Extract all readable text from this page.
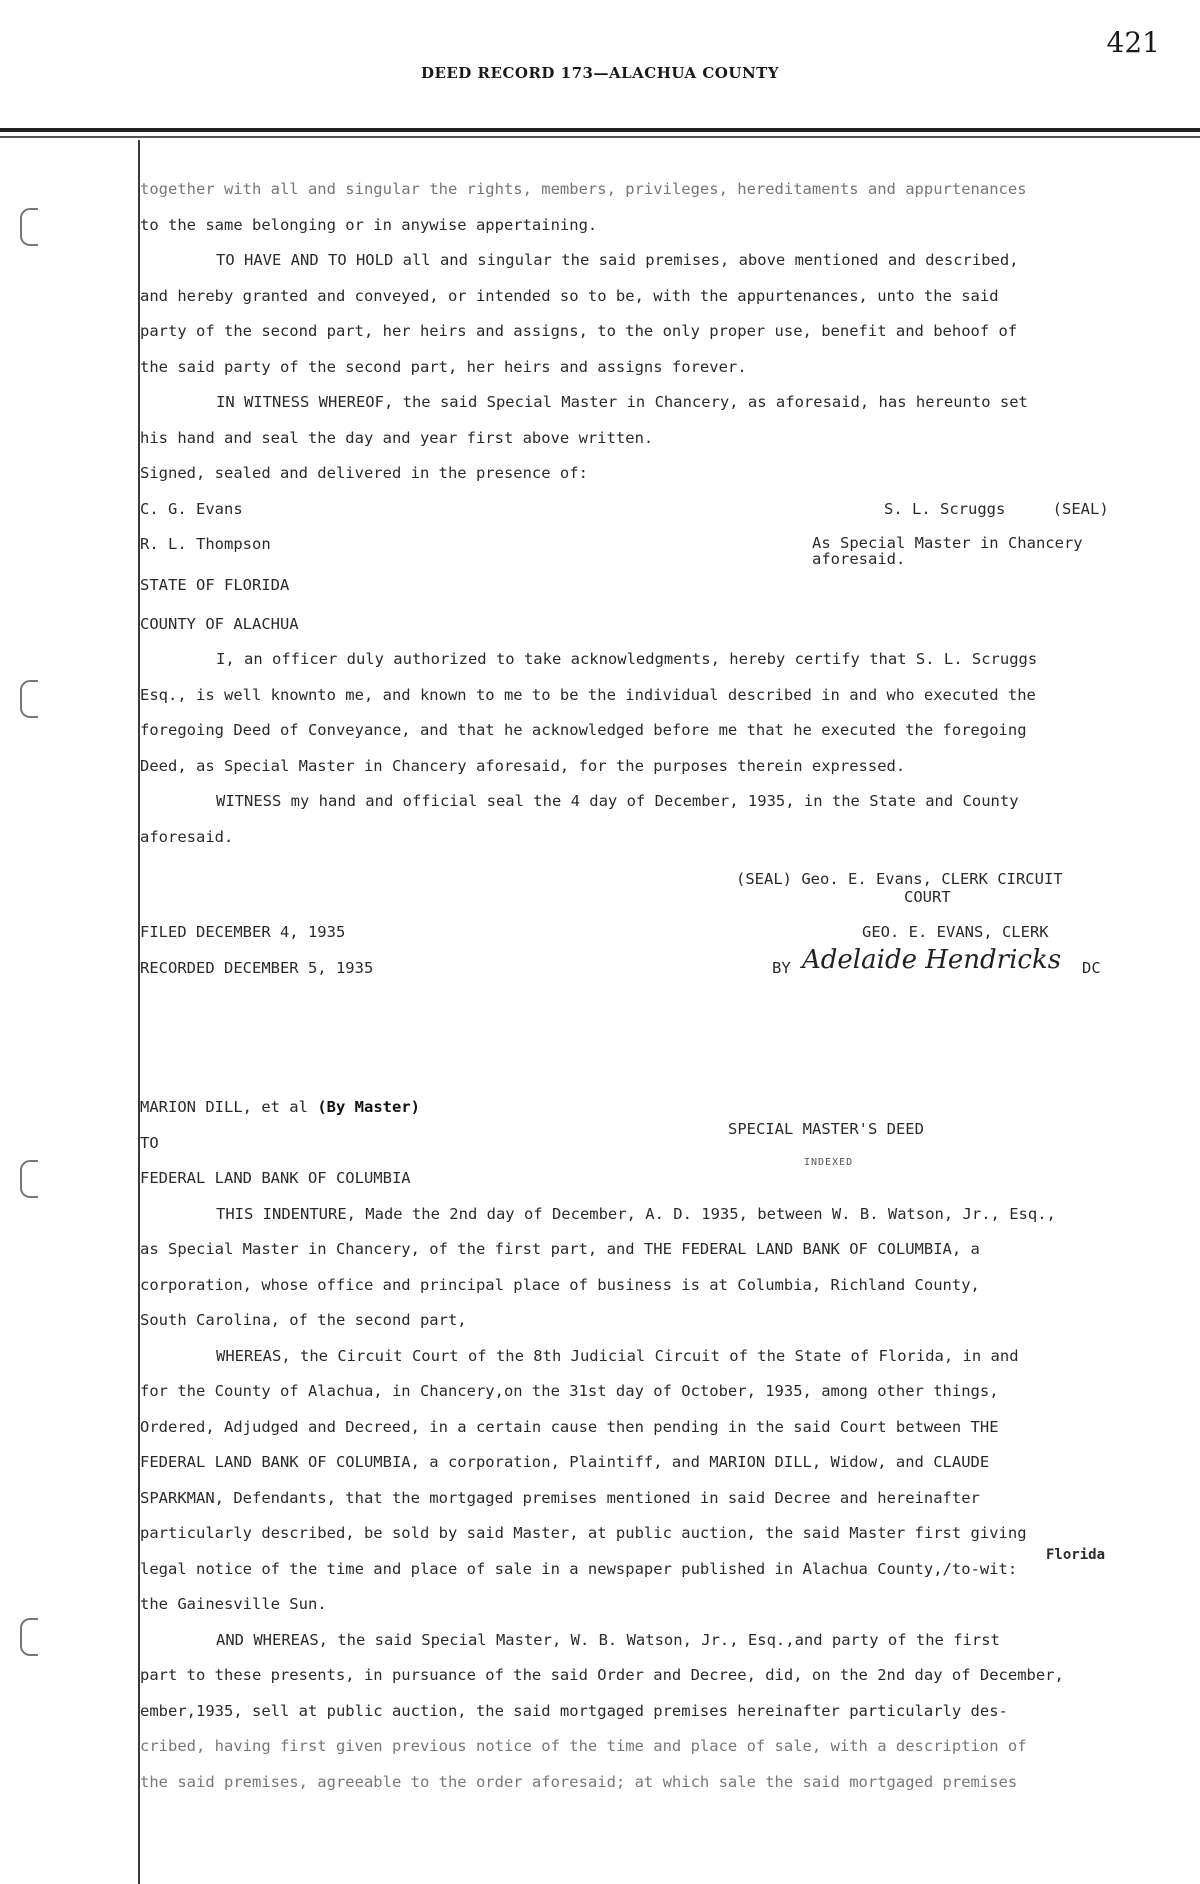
421
DEED RECORD 173—ALACHUA COUNTY
together with all and singular the rights, members, privileges, hereditaments and appurtenances
to the same belonging or in anywise appertaining.
TO HAVE AND TO HOLD all and singular the said premises, above mentioned and described,
and hereby granted and conveyed, or intended so to be, with the appurtenances, unto the said
party of the second part, her heirs and assigns, to the only proper use, benefit and behoof of
the said party of the second part, her heirs and assigns forever.
IN WITNESS WHEREOF, the said Special Master in Chancery, as aforesaid, has hereunto set
his hand and seal the day and year first above written.
Signed, sealed and delivered in the presence of:
C. G. Evans	S. L. Scruggs	(SEAL)
R. L. Thompson	As Special Master in Chancery
aforesaid.
STATE OF FLORIDA
COUNTY OF ALACHUA
I, an officer duly authorized to take acknowledgments, hereby certify that S. L. Scruggs
Esq., is well knownto me, and known to me to be the individual described in and who executed the
foregoing Deed of Conveyance, and that he acknowledged before me that he executed the foregoing
Deed, as Special Master in Chancery aforesaid, for the purposes therein expressed.
WITNESS my hand and official seal the 4 day of December, 1935, in the State and County
aforesaid.
(SEAL) Geo. E. Evans, CLERK CIRCUIT
COURT
FILED DECEMBER 4, 1935	GEO. E. EVANS, CLERK
RECORDED DECEMBER 5, 1935	BY Adelaide Hendricks DC
MARION DILL, et al (By Master)
TO
SPECIAL MASTER'S DEED
FEDERAL LAND BANK OF COLUMBIA
INDEXED
THIS INDENTURE, Made the 2nd day of December, A. D. 1935, between W. B. Watson, Jr., Esq.,
as Special Master in Chancery, of the first part, and THE FEDERAL LAND BANK OF COLUMBIA, a
corporation, whose office and principal place of business is at Columbia, Richland County,
South Carolina, of the second part,
WHEREAS, the Circuit Court of the 8th Judicial Circuit of the State of Florida, in and
for the County of Alachua, in Chancery,on the 31st day of October, 1935, among other things,
Ordered, Adjudged and Decreed, in a certain cause then pending in the said Court between THE
FEDERAL LAND BANK OF COLUMBIA, a corporation, Plaintiff, and MARION DILL, Widow, and CLAUDE
SPARKMAN, Defendants, that the mortgaged premises mentioned in said Decree and hereinafter
particularly described, be sold by said Master, at public auction, the said Master first giving
Florida
legal notice of the time and place of sale in a newspaper published in Alachua County,/to-wit:
the Gainesville Sun.
AND WHEREAS, the said Special Master, W. B. Watson, Jr., Esq.,and party of the first
part to these presents, in pursuance of the said Order and Decree, did, on the 2nd day of December,
ember,1935, sell at public auction, the said mortgaged premises hereinafter particularly des-
cribed, having first given previous notice of the time and place of sale, with a description of
the said premises, agreeable to the order aforesaid; at which sale the said mortgaged premises
